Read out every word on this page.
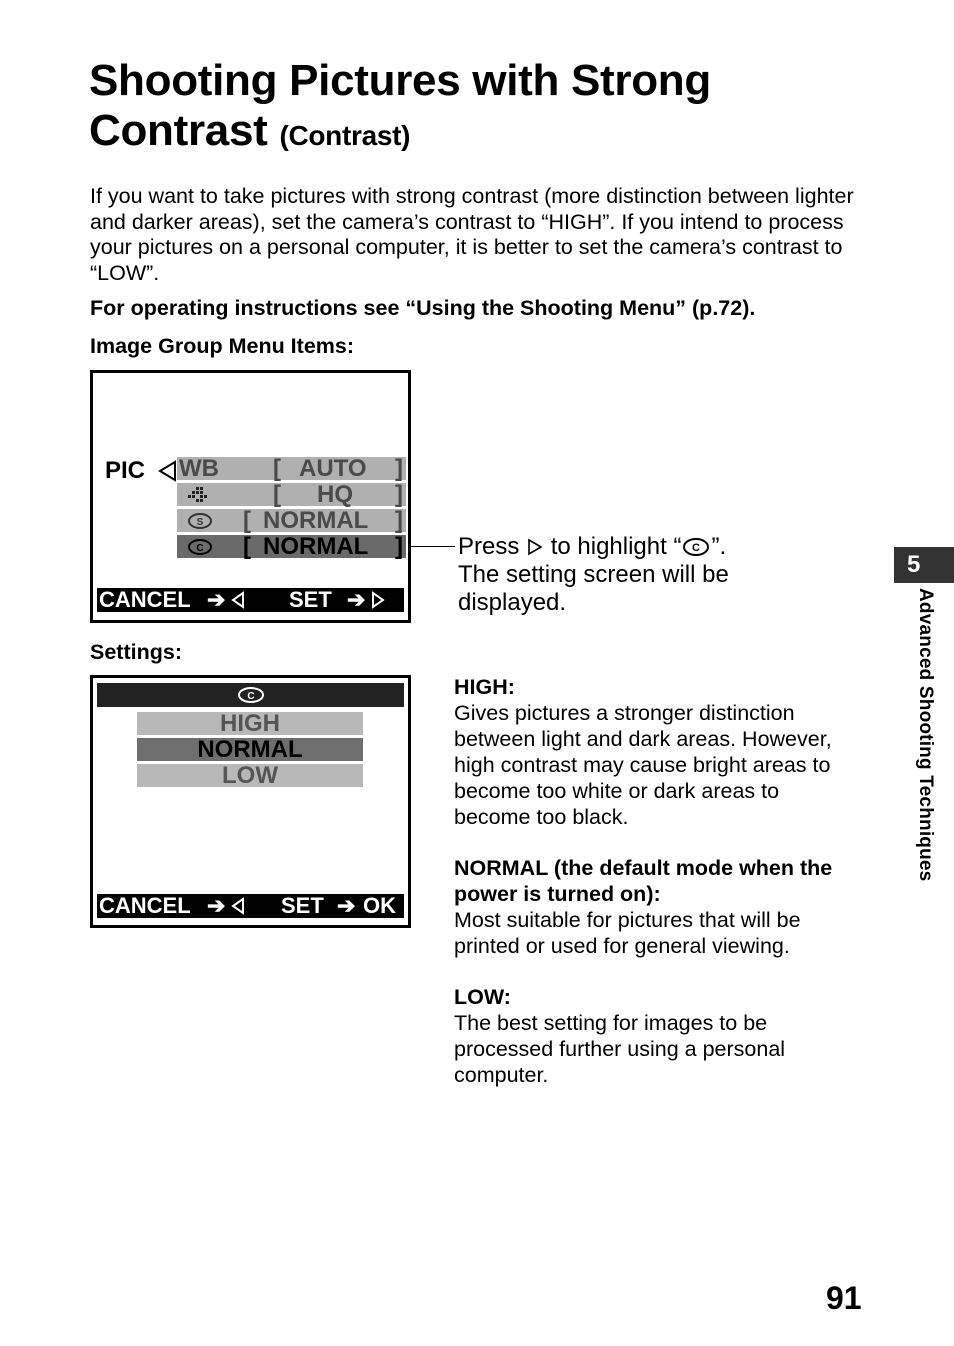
Shooting Pictures with Strong Contrast (Contrast)
If you want to take pictures with strong contrast (more distinction between lighter and darker areas), set the camera’s contrast to “HIGH”. If you intend to process your pictures on a personal computer, it is better to set the camera’s contrast to “LOW”.
For operating instructions see “Using the Shooting Menu” (p.72).
Image Group Menu Items:
PIC WB [ AUTO ]
[ HQ ]
S [ NORMAL ]
C [ NORMAL ]
CANCEL ➔	SET ➔
Press to highlight “ C ”.
The setting screen will be
displayed.
Settings:
C
HIGH
NORMAL
LOW
CANCEL ➔	SET ➔ OK
HIGH:
Gives pictures a stronger distinction between light and dark areas. However, high contrast may cause bright areas to become too white or dark areas to become too black.
NORMAL (the default mode when the power is turned on):
Most suitable for pictures that will be printed or used for general viewing.
LOW:
The best setting for images to be processed further using a personal computer.
5
Advanced Shooting Techniques
91
